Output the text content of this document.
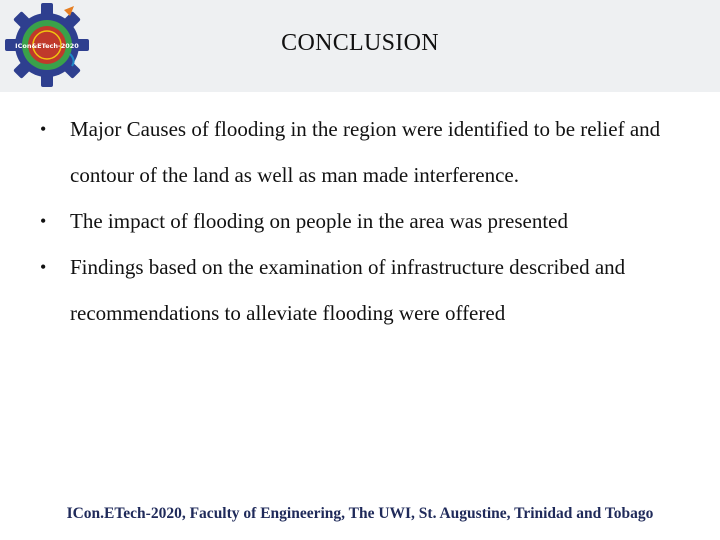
ICon&ETech-2020	CONCLUSION
• Major Causes of flooding in the region were identified to be relief and contour of the land as well as man made interference.
• The impact of flooding on people in the area was presented
• Findings based on the examination of infrastructure described and recommendations to alleviate flooding were offered
ICon.ETech-2020, Faculty of Engineering, The UWI, St. Augustine, Trinidad and Tobago
